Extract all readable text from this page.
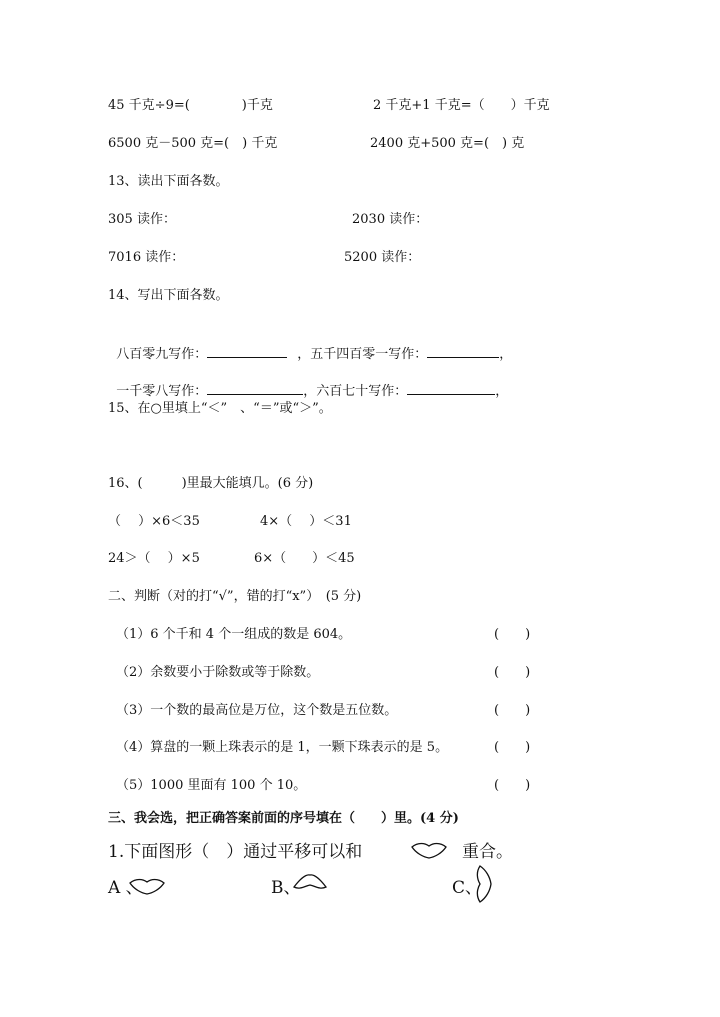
45 千克÷9=(　　　　)千克	2 千克+1 千克=（　　）千克
6500 克－500 克=(　) 千克	2400 克+500 克=(　) 克
13、读出下面各数。
305 读作：	2030 读作：
7016 读作：	5200 读作：
14、写出下面各数。

八百零九写作：	，五千四百零一写作：	，

一千零八写作：	，六百七十写作：	，

15、在○里填上“＜”　、“＝”或“＞”。
16、(　　　)里最大能填几。(6 分)
（　 ）×6＜35	4×（　 ）＜31
24＞（　 ）×5	6×（　　）＜45
二、判断（对的打“√”，错的打“x”）　(5 分)
（1）6 个千和 4 个一组成的数是 604。	(　　)
（2）余数要小于除数或等于除数。	(　　)
（3）一个数的最高位是万位，这个数是五位数。	(　　)
（4）算盘的一颗上珠表示的是 1，一颗下珠表示的是 5。	(　　)
（5）1000 里面有 100 个 10。	(　　)
三、我会选，把正确答案前面的序号填在（　　）里。(4 分)
1.下面图形（　）通过平移可以和	重合。
A 、	B、	C、
